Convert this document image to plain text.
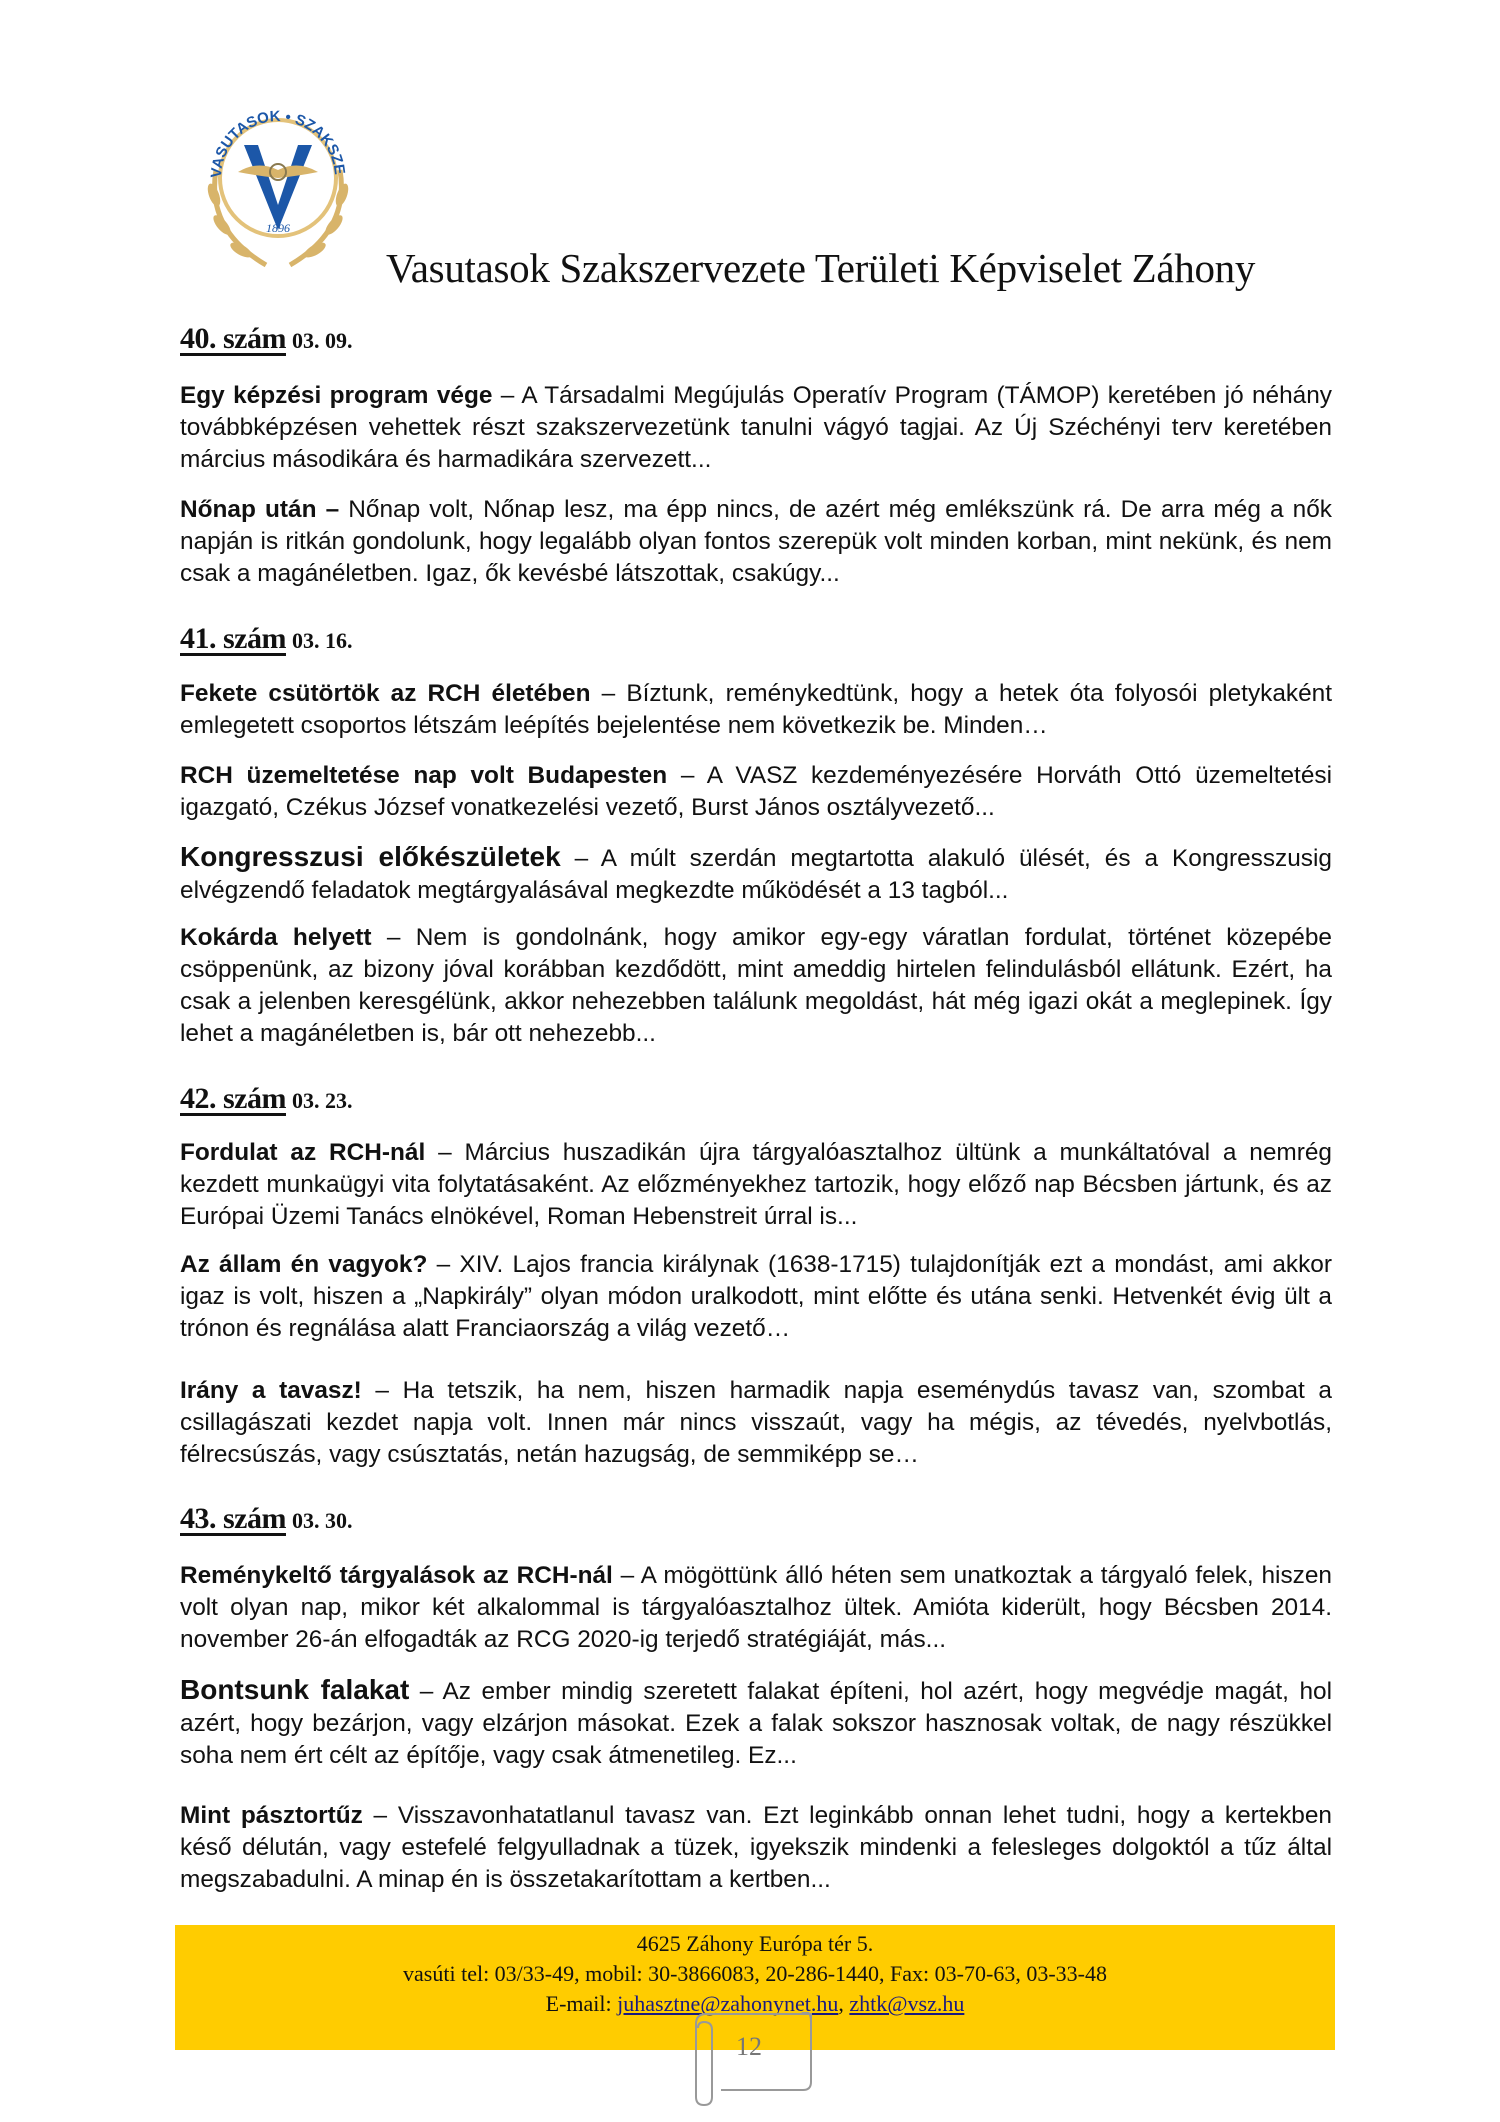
VASUTASOK • SZAKSZE
1896
Vasutasok Szakszervezete Területi Képviselet Záhony
40. szám 03. 09.

Egy képzési program vége – A Társadalmi Megújulás Operatív Program (TÁMOP) keretében jó néhány továbbképzésen vehettek részt szakszervezetünk tanulni vágyó tagjai. Az Új Széchényi terv keretében március másodikára és harmadikára szervezett...

Nőnap után – Nőnap volt, Nőnap lesz, ma épp nincs, de azért még emlékszünk rá. De arra még a nők napján is ritkán gondolunk, hogy legalább olyan fontos szerepük volt minden korban, mint nekünk, és nem csak a magánéletben. Igaz, ők kevésbé látszottak, csakúgy...

41. szám 03. 16.

Fekete csütörtök az RCH életében – Bíztunk, reménykedtünk, hogy a hetek óta folyosói pletykaként emlegetett csoportos létszám leépítés bejelentése nem következik be. Minden…

RCH üzemeltetése nap volt Budapesten – A VASZ kezdeményezésére Horváth Ottó üzemeltetési igazgató, Czékus József vonatkezelési vezető, Burst János osztályvezető...

Kongresszusi előkészületek – A múlt szerdán megtartotta alakuló ülését, és a Kongresszusig elvégzendő feladatok megtárgyalásával megkezdte működését a 13 tagból...

Kokárda helyett – Nem is gondolnánk, hogy amikor egy-egy váratlan fordulat, történet közepébe csöppenünk, az bizony jóval korábban kezdődött, mint ameddig hirtelen felindulásból ellátunk. Ezért, ha csak a jelenben keresgélünk, akkor nehezebben találunk megoldást, hát még igazi okát a meglepinek. Így lehet a magánéletben is, bár ott nehezebb...

42. szám 03. 23.

Fordulat az RCH-nál – Március huszadikán újra tárgyalóasztalhoz ültünk a munkáltatóval a nemrég kezdett munkaügyi vita folytatásaként. Az előzményekhez tartozik, hogy előző nap Bécsben jártunk, és az Európai Üzemi Tanács elnökével, Roman Hebenstreit úrral is...

Az állam én vagyok? – XIV. Lajos francia királynak (1638-1715) tulajdonítják ezt a mondást, ami akkor igaz is volt, hiszen a „Napkirály” olyan módon uralkodott, mint előtte és utána senki. Hetvenkét évig ült a trónon és regnálása alatt Franciaország a világ vezető…

Irány a tavasz! – Ha tetszik, ha nem, hiszen harmadik napja eseménydús tavasz van, szombat a csillagászati kezdet napja volt. Innen már nincs visszaút, vagy ha mégis, az tévedés, nyelvbotlás, félrecsúszás, vagy csúsztatás, netán hazugság, de semmiképp se…

43. szám 03. 30.

Reménykeltő tárgyalások az RCH-nál – A mögöttünk álló héten sem unatkoztak a tárgyaló felek, hiszen volt olyan nap, mikor két alkalommal is tárgyalóasztalhoz ültek. Amióta kiderült, hogy Bécsben 2014. november 26-án elfogadták az RCG 2020-ig terjedő stratégiáját, más...

Bontsunk falakat – Az ember mindig szeretett falakat építeni, hol azért, hogy megvédje magát, hol azért, hogy bezárjon, vagy elzárjon másokat. Ezek a falak sokszor hasznosak voltak, de nagy részükkel soha nem ért célt az építője, vagy csak átmenetileg. Ez...

Mint pásztortűz – Visszavonhatatlanul tavasz van. Ezt leginkább onnan lehet tudni, hogy a kertekben késő délután, vagy estefelé felgyulladnak a tüzek, igyekszik mindenki a felesleges dolgoktól a tűz által megszabadulni. A minap én is összetakarítottam a kertben...

4625 Záhony Európa tér 5.
vasúti tel: 03/33-49, mobil: 30-3866083, 20-286-1440, Fax: 03-70-63, 03-33-48
E-mail: juhasztne@zahonynet.hu, zhtk@vsz.hu
12
